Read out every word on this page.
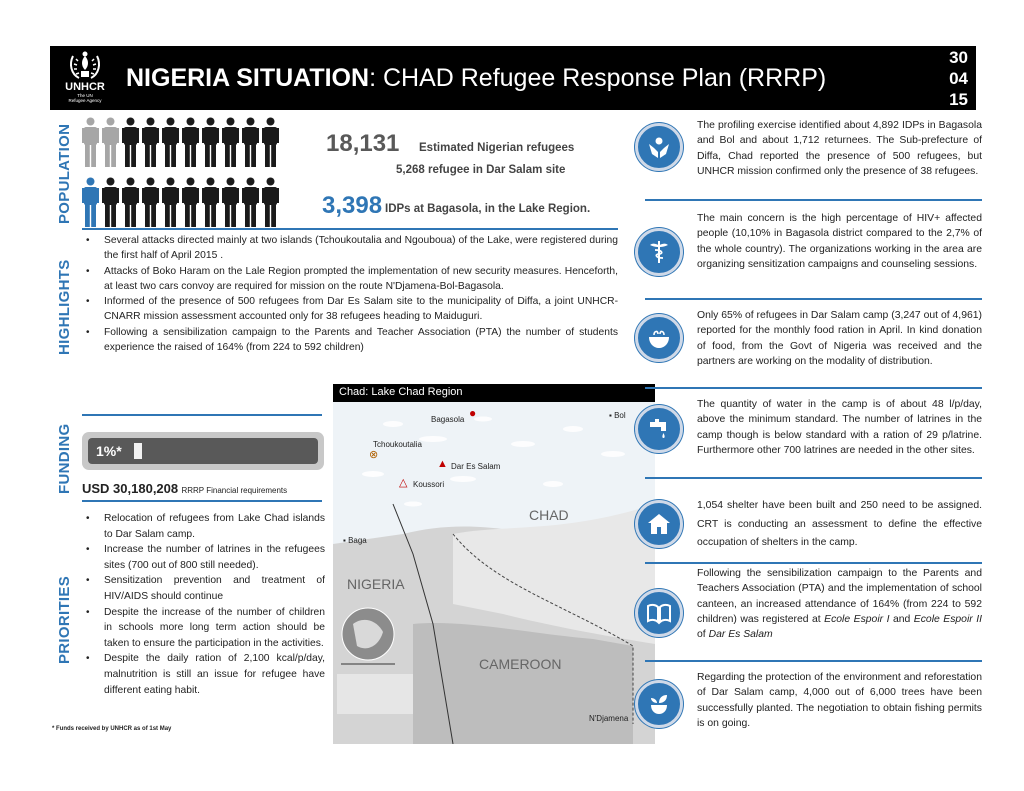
UNHCR
The UN
Refugee Agency
NIGERIA SITUATION: CHAD Refugee Response Plan (RRRP)
30
04
15
POPULATION
HIGHLIGHTS
FUNDING
PRIORITIES
18,131 Estimated Nigerian refugees
5,268 refugee in Dar Salam site
3,398 IDPs at Bagasola, in the Lake Region.
• Several attacks directed mainly at two islands (Tchoukoutalia and Ngouboua) of the Lake, were registered during the first half of April 2015 .
• Attacks of Boko Haram on the Lale Region prompted the implementation of new security measures. Henceforth, at least two cars convoy are required for mission on the route N'Djamena-Bol-Bagasola.
• Informed of the presence of 500 refugees from Dar Es Salam site to the municipality of Diffa, a joint UNHCR-CNARR mission assessment accounted only for 38 refugees heading to Maiduguri.
• Following a sensibilization campaign to the Parents and Teacher Association (PTA) the number of students experience the raised of 164% (from 224 to 592 children)
1%*
USD 30,180,208 RRRP Financial requirements
• Relocation of refugees from Lake Chad islands to Dar Salam camp.
• Increase the number of latrines in the refugees sites (700 out of 800 still needed).
• Sensitization prevention and treatment of HIV/AIDS should continue
• Despite the increase of the number of children in schools more long term action should be taken to ensure the participation in the activities.
• Despite the daily ration of 2,100 kcal/p/day, malnutrition is still an issue for refugee have different eating habit.
* Funds received by UNHCR as of 1st May
Chad: Lake Chad Region
Bagasola ●	▪ Bol
Tchoukoutalia
⊗
▲ Dar Es Salam
△ Koussori
▪ Baga
N'Djamena
CHAD
NIGERIA
CAMEROON
The profiling exercise identified about 4,892 IDPs in Bagasola and Bol and about 1,712 returnees. The Sub-prefecture of Diffa, Chad reported the presence of 500 refugees, but UNHCR mission confirmed only the presence of 38 refugees.
The main concern is the high percentage of HIV+ affected people (10,10% in Bagasola district compared to the 2,7% of the whole country). The organizations working in the area are organizing sensitization campaigns and counseling sessions.
Only 65% of refugees in Dar Salam camp (3,247 out of 4,961) reported for the monthly food ration in April. In kind donation of food, from the Govt of Nigeria was received and the partners are working on the modality of distribution.
The quantity of water in the camp is of about 48 l/p/day, above the minimum standard. The number of latrines in the camp though is below standard with a ration of 29 p/latrine. Furthermore other 700 latrines are needed in the other sites.
1,054 shelter have been built and 250 need to be assigned. CRT is conducting an assessment to define the effective occupation of shelters in the camp.
Following the sensibilization campaign to the Parents and Teachers Association (PTA) and the implementation of school canteen, an increased attendance of 164% (from 224 to 592 children) was registered at Ecole Espoir I and Ecole Espoir II of Dar Es Salam
Regarding the protection of the environment and reforestation of Dar Salam camp, 4,000 out of 6,000 trees have been successfully planted. The negotiation to obtain fishing permits is on going.
